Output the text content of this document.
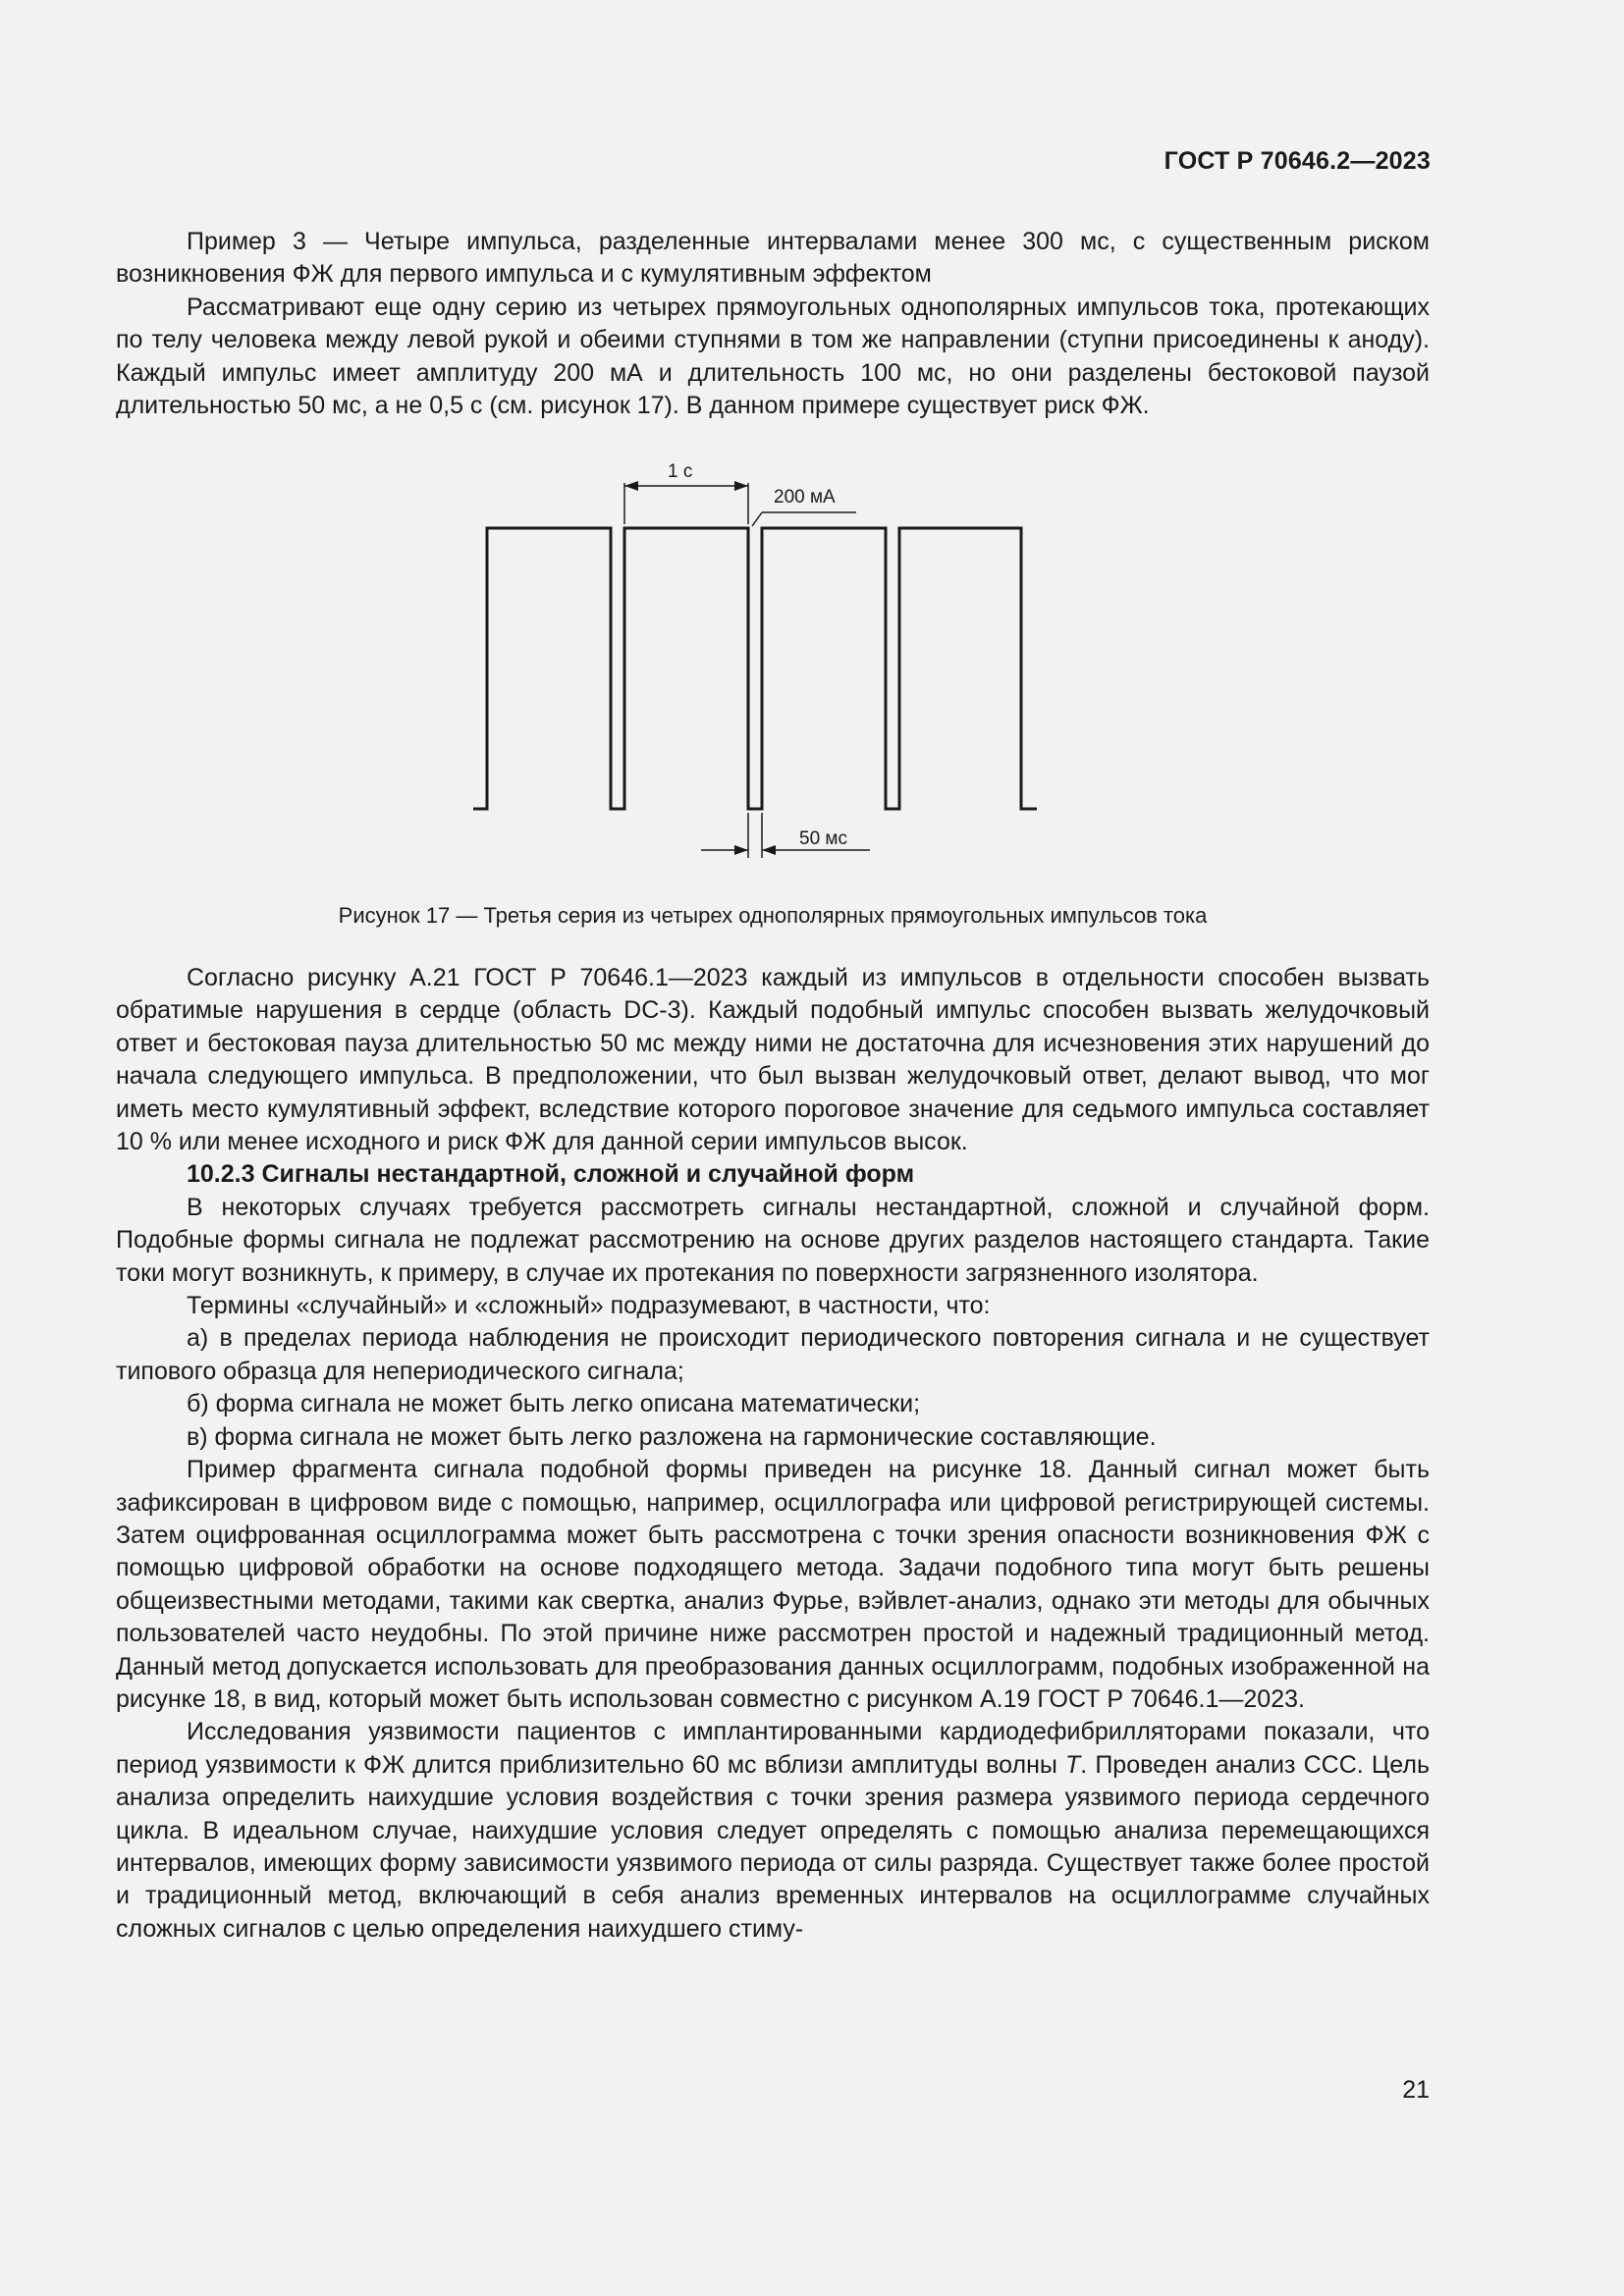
ГОСТ Р 70646.2—2023

Пример 3 — Четыре импульса, разделенные интервалами менее 300 мс, с существенным риском возникновения ФЖ для первого импульса и с кумулятивным эффектом

Рассматривают еще одну серию из четырех прямоугольных однополярных импульсов тока, протекающих по телу человека между левой рукой и обеими ступнями в том же направлении (ступни присоединены к аноду). Каждый импульс имеет амплитуду 200 мА и длительность 100 мс, но они разделены бестоковой паузой длительностью 50 мс, а не 0,5 с (см. рисунок 17). В данном примере существует риск ФЖ.

1 с
200 мА
50 мс
Рисунок 17 — Третья серия из четырех однополярных прямоугольных импульсов тока

Согласно рисунку А.21 ГОСТ Р 70646.1—2023 каждый из импульсов в отдельности способен вызвать обратимые нарушения в сердце (область DC-3). Каждый подобный импульс способен вызвать желудочковый ответ и бестоковая пауза длительностью 50 мс между ними не достаточна для исчезновения этих нарушений до начала следующего импульса. В предположении, что был вызван желудочковый ответ, делают вывод, что мог иметь место кумулятивный эффект, вследствие которого пороговое значение для седьмого импульса составляет 10 % или менее исходного и риск ФЖ для данной серии импульсов высок.

10.2.3 Сигналы нестандартной, сложной и случайной форм

В некоторых случаях требуется рассмотреть сигналы нестандартной, сложной и случайной форм. Подобные формы сигнала не подлежат рассмотрению на основе других разделов настоящего стандарта. Такие токи могут возникнуть, к примеру, в случае их протекания по поверхности загрязненного изолятора.

Термины «случайный» и «сложный» подразумевают, в частности, что:

а) в пределах периода наблюдения не происходит периодического повторения сигнала и не существует типового образца для непериодического сигнала;

б) форма сигнала не может быть легко описана математически;

в) форма сигнала не может быть легко разложена на гармонические составляющие.

Пример фрагмента сигнала подобной формы приведен на рисунке 18. Данный сигнал может быть зафиксирован в цифровом виде с помощью, например, осциллографа или цифровой регистрирующей системы. Затем оцифрованная осциллограмма может быть рассмотрена с точки зрения опасности возникновения ФЖ с помощью цифровой обработки на основе подходящего метода. Задачи подобного типа могут быть решены общеизвестными методами, такими как свертка, анализ Фурье, вэйвлет-анализ, однако эти методы для обычных пользователей часто неудобны. По этой причине ниже рассмотрен простой и надежный традиционный метод. Данный метод допускается использовать для преобразования данных осциллограмм, подобных изображенной на рисунке 18, в вид, который может быть использован совместно с рисунком А.19 ГОСТ Р 70646.1—2023.

Исследования уязвимости пациентов с имплантированными кардиодефибрилляторами показали, что период уязвимости к ФЖ длится приблизительно 60 мс вблизи амплитуды волны T. Проведен анализ ССС. Цель анализа определить наихудшие условия воздействия с точки зрения размера уязвимого периода сердечного цикла. В идеальном случае, наихудшие условия следует определять с помощью анализа перемещающихся интервалов, имеющих форму зависимости уязвимого периода от силы разряда. Существует также более простой и традиционный метод, включающий в себя анализ временных интервалов на осциллограмме случайных сложных сигналов с целью определения наихудшего стиму-

21
